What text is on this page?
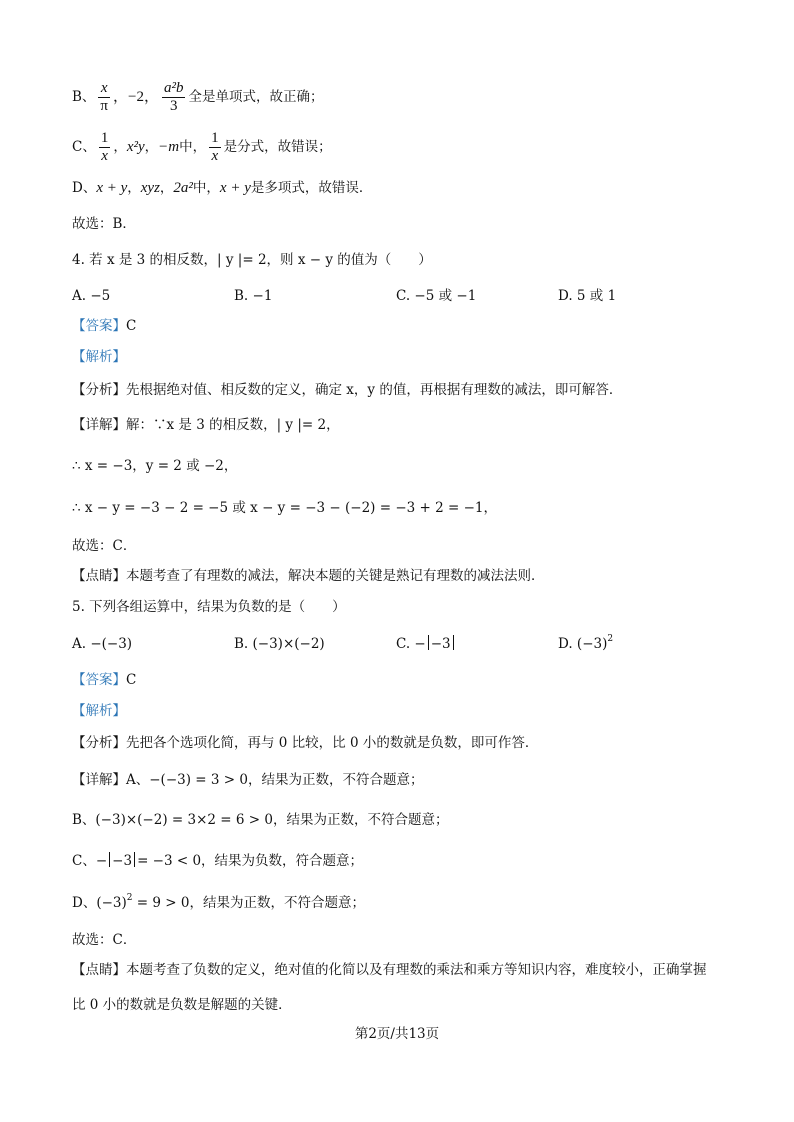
B、 $\frac{x}{\pi}$ ，−2， $\frac{\text{a²b}}{3}$ 全是单项式，故正确；
C、 $\frac{1}{x}$ ，x²y，−m中， $\frac{1}{x}$ 是分式，故错误；
D、x + y，xyz，2a²中，x + y是多项式，故错误．
故选：B．
4. 若 x 是 3 的相反数，| y |= 2，则 x − y 的值为（　　）
A. −5	B. −1	C. −5 或 −1	D. 5 或 1
【答案】C
【解析】
【分析】先根据绝对值、相反数的定义，确定 x，y 的值，再根据有理数的减法，即可解答．
【详解】解：∵x 是 3 的相反数，| y |= 2，
∴ x = −3，y = 2 或 −2，
∴ x − y = −3 − 2 = −5 或 x − y = −3 − (−2) = −3 + 2 = −1，
故选：C．
【点睛】本题考查了有理数的减法，解决本题的关键是熟记有理数的减法法则．
5. 下列各组运算中，结果为负数的是（　　）
A. −(−3)	B. (−3)×(−2)	C. − −3	D. $(-3)^2$
【答案】C
【解析】
【分析】先把各个选项化简，再与 0 比较，比 0 小的数就是负数，即可作答．
【详解】A、−(−3) = 3 > 0，结果为正数，不符合题意；
B、(−3)×(−2) = 3×2 = 6 > 0，结果为正数，不符合题意；
C、− −3 = −3 < 0，结果为负数，符合题意；
D、$(-3)^2 = 9 > 0$，结果为正数，不符合题意；
故选：C．
【点睛】本题考查了负数的定义，绝对值的化简以及有理数的乘法和乘方等知识内容，难度较小，正确掌握
比 0 小的数就是负数是解题的关键．
第2页/共13页
